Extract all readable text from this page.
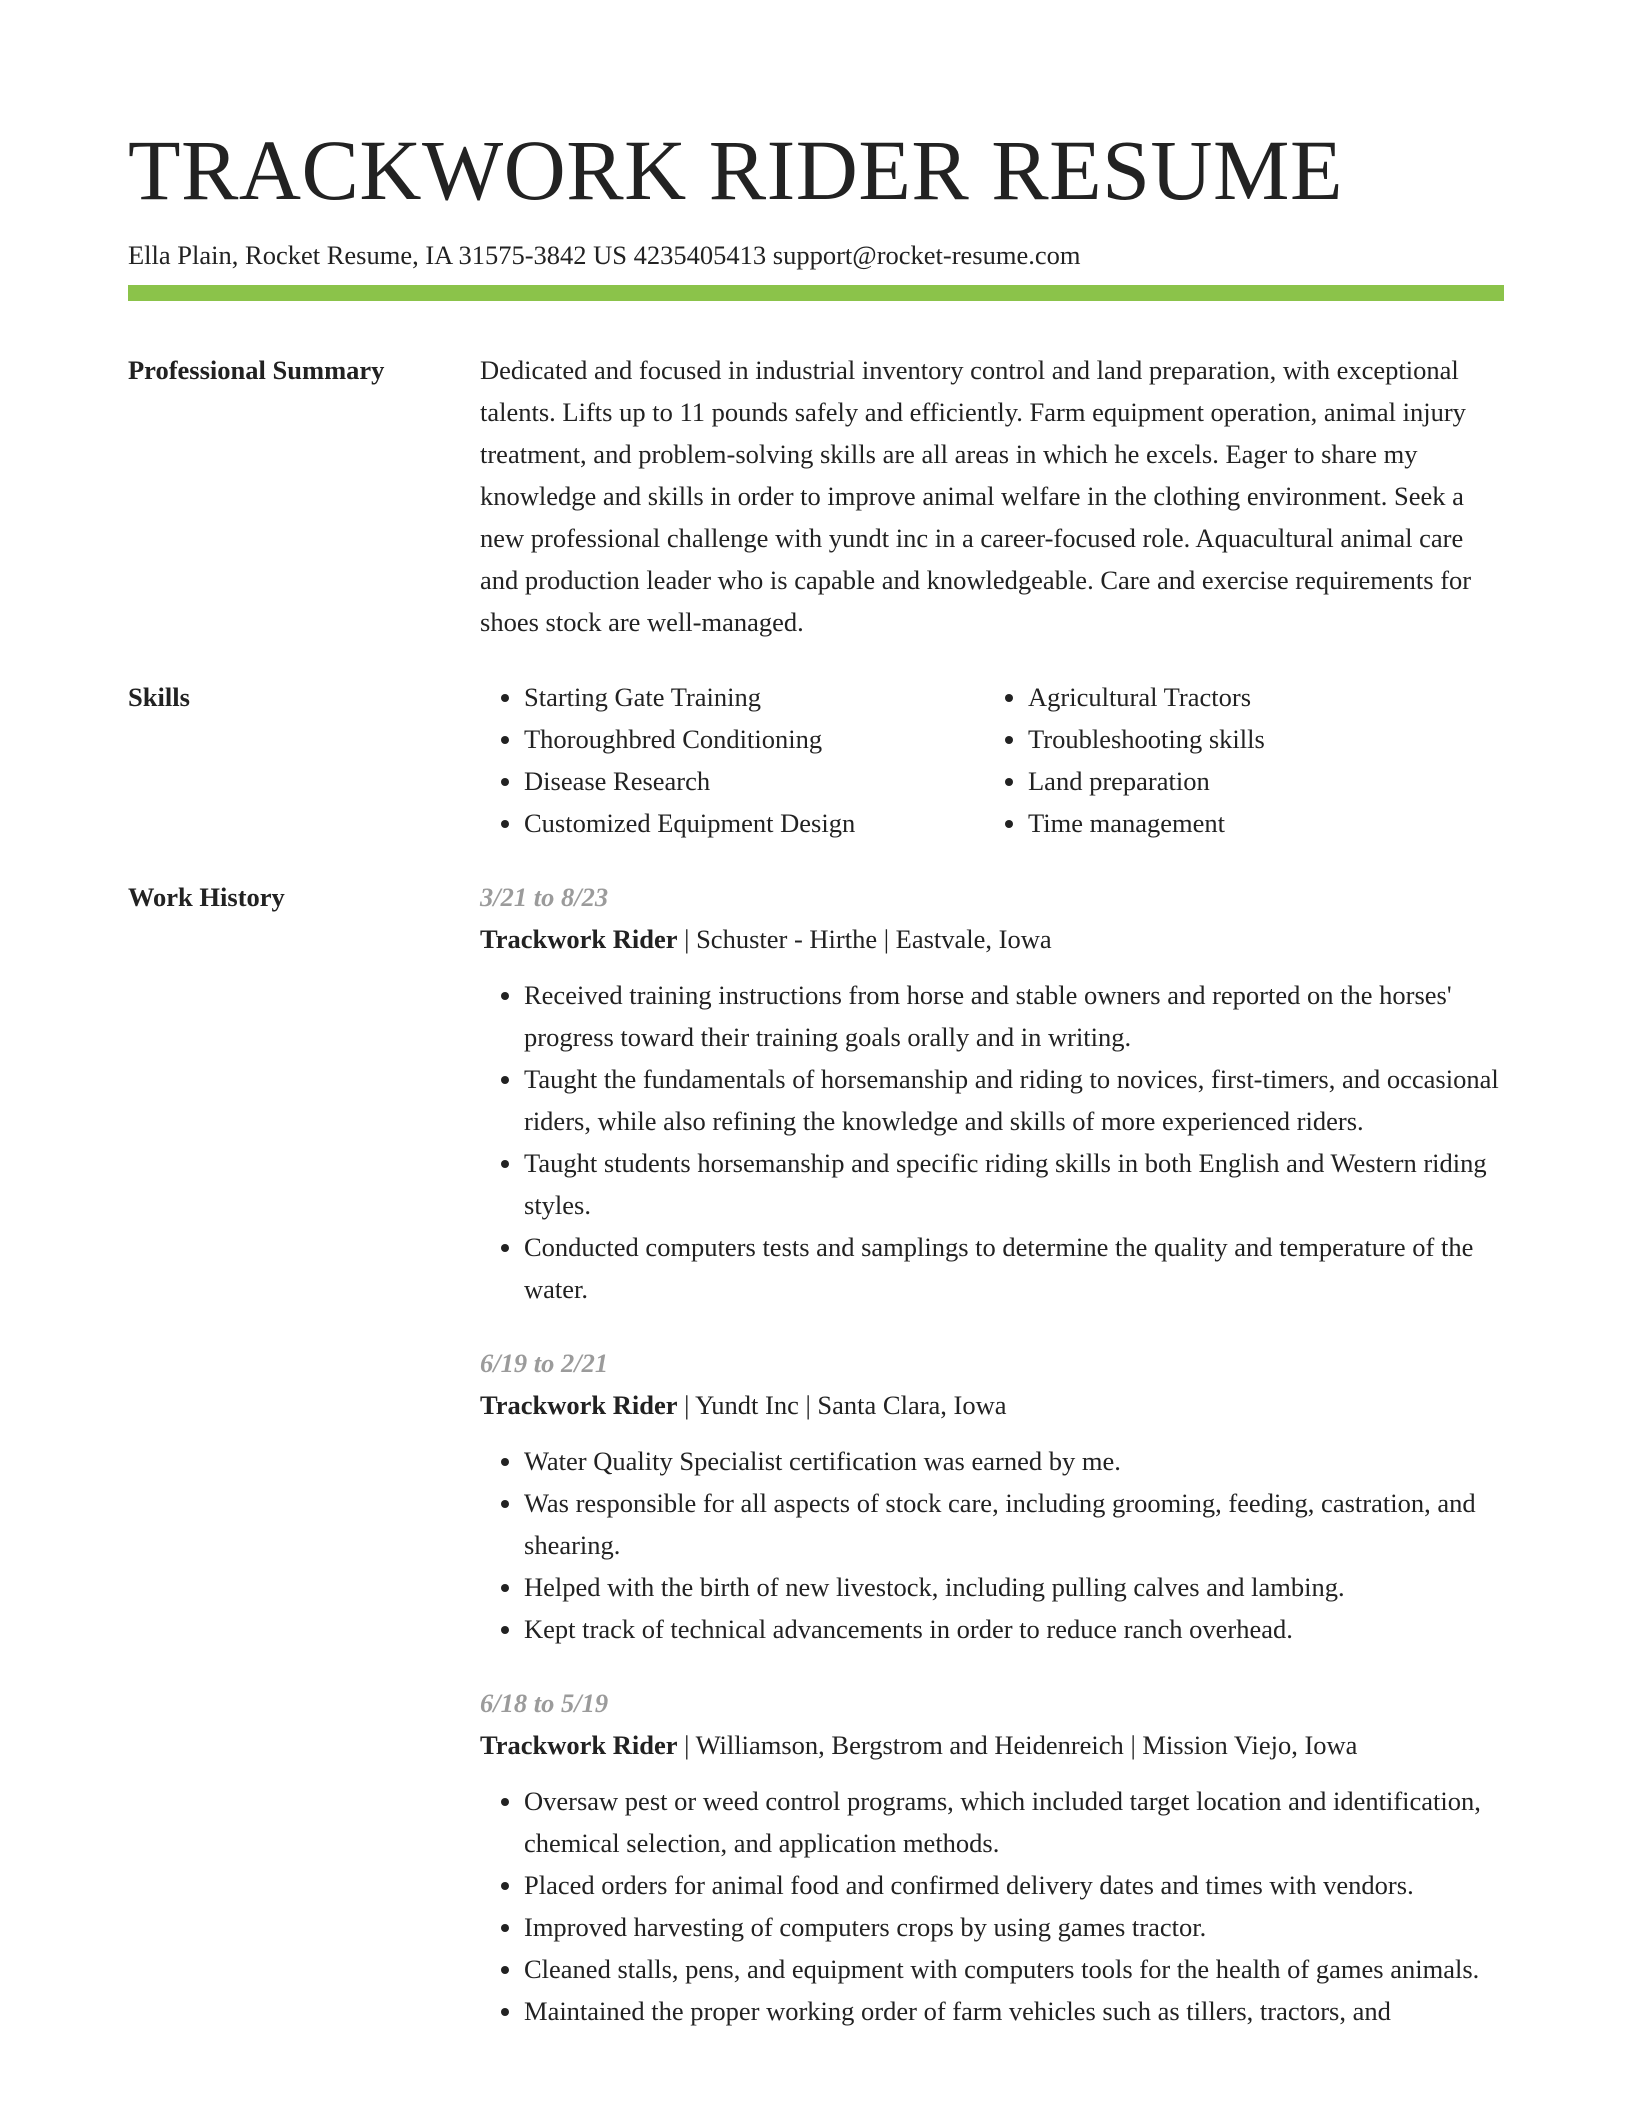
TRACKWORK RIDER RESUME
Ella Plain, Rocket Resume, IA 31575-3842 US 4235405413 support@rocket-resume.com
Professional Summary	Dedicated and focused in industrial inventory control and land preparation, with exceptional talents. Lifts up to 11 pounds safely and efficiently. Farm equipment operation, animal injury treatment, and problem-solving skills are all areas in which he excels. Eager to share my knowledge and skills in order to improve animal welfare in the clothing environment. Seek a new professional challenge with yundt inc in a career-focused role. Aquacultural animal care and production leader who is capable and knowledgeable. Care and exercise requirements for shoes stock are well-managed.

Skills
•	Starting Gate Training
• Thoroughbred Conditioning
• Disease Research
• Customized Equipment Design
• Agricultural Tractors
• Troubleshooting skills
• Land preparation
• Time management
Work History	3/21 to 8/23
Trackwork Rider | Schuster - Hirthe | Eastvale, Iowa
• Received training instructions from horse and stable owners and reported on the horses' progress toward their training goals orally and in writing.
• Taught the fundamentals of horsemanship and riding to novices, first-timers, and occasional riders, while also refining the knowledge and skills of more experienced riders.
• Taught students horsemanship and specific riding skills in both English and Western riding styles.
• Conducted computers tests and samplings to determine the quality and temperature of the water.
6/19 to 2/21
Trackwork Rider | Yundt Inc | Santa Clara, Iowa
• Water Quality Specialist certification was earned by me.
• Was responsible for all aspects of stock care, including grooming, feeding, castration, and shearing.
• Helped with the birth of new livestock, including pulling calves and lambing.
• Kept track of technical advancements in order to reduce ranch overhead.
6/18 to 5/19
Trackwork Rider | Williamson, Bergstrom and Heidenreich | Mission Viejo, Iowa
• Oversaw pest or weed control programs, which included target location and identification, chemical selection, and application methods.
• Placed orders for animal food and confirmed delivery dates and times with vendors.
• Improved harvesting of computers crops by using games tractor.
• Cleaned stalls, pens, and equipment with computers tools for the health of games animals.
• Maintained the proper working order of farm vehicles such as tillers, tractors, and
